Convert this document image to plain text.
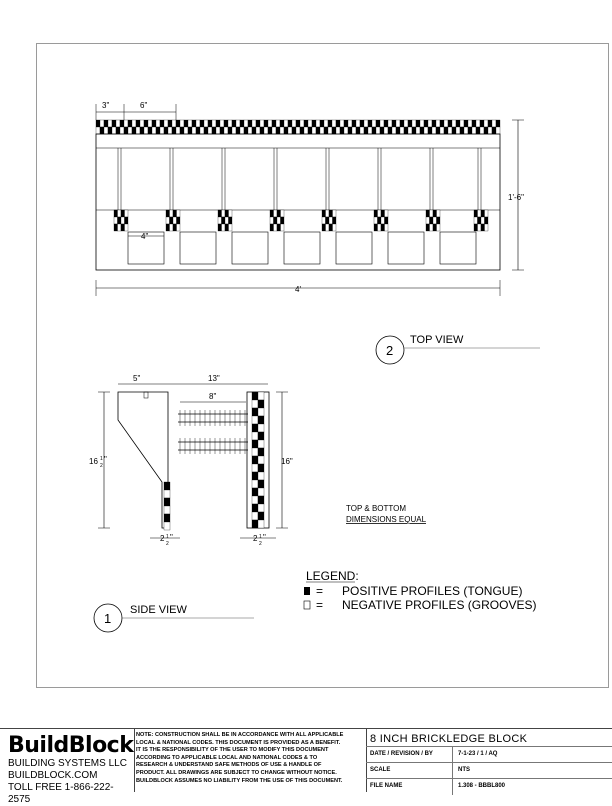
3"	6"
4"
1'-6"
4'
2
TOP VIEW
5"	13"
8"
16 1
2
"	16"
2 1
2
"	2 1
2
"
1
SIDE VIEW
TOP & BOTTOM
DIMENSIONS EQUAL
LEGEND:
= POSITIVE PROFILES (TONGUE)
= NEGATIVE PROFILES (GROOVES)
BuildBlock
BUILDING SYSTEMS LLC
BUILDBLOCK.COM
TOLL FREE 1-866-222-2575
NOTE: CONSTRUCTION SHALL BE IN ACCORDANCE WITH ALL APPLICABLE
LOCAL & NATIONAL CODES. THIS DOCUMENT IS PROVIDED AS A BENEFIT.
IT IS THE RESPONSIBILITY OF THE USER TO MODIFY THIS DOCUMENT
ACCORDING TO APPLICABLE LOCAL AND NATIONAL CODES & TO
RESEARCH & UNDERSTAND SAFE METHODS OF USE & HANDLE OF
PRODUCT. ALL DRAWINGS ARE SUBJECT TO CHANGE WITHOUT NOTICE.
BUILDBLOCK ASSUMES NO LIABILITY FROM THE USE OF THIS DOCUMENT.
8 INCH BRICKLEDGE BLOCK
DATE / REVISION / BY	7-1-23 / 1 / AQ
SCALE	NTS
FILE NAME	1.308 - BBBL800
